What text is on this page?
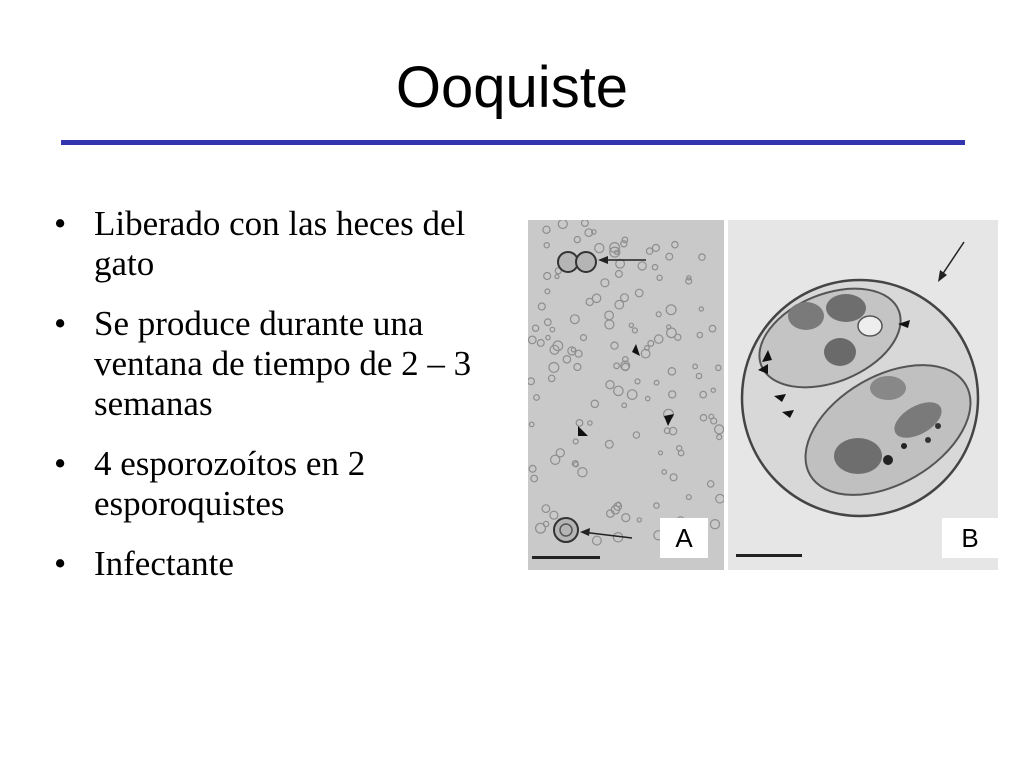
Ooquiste
• Liberado con las heces del gato
• Se produce durante una ventana de tiempo de 2 – 3 semanas
• 4 esporozoítos en 2 esporoquistes
• Infectante
A	B
